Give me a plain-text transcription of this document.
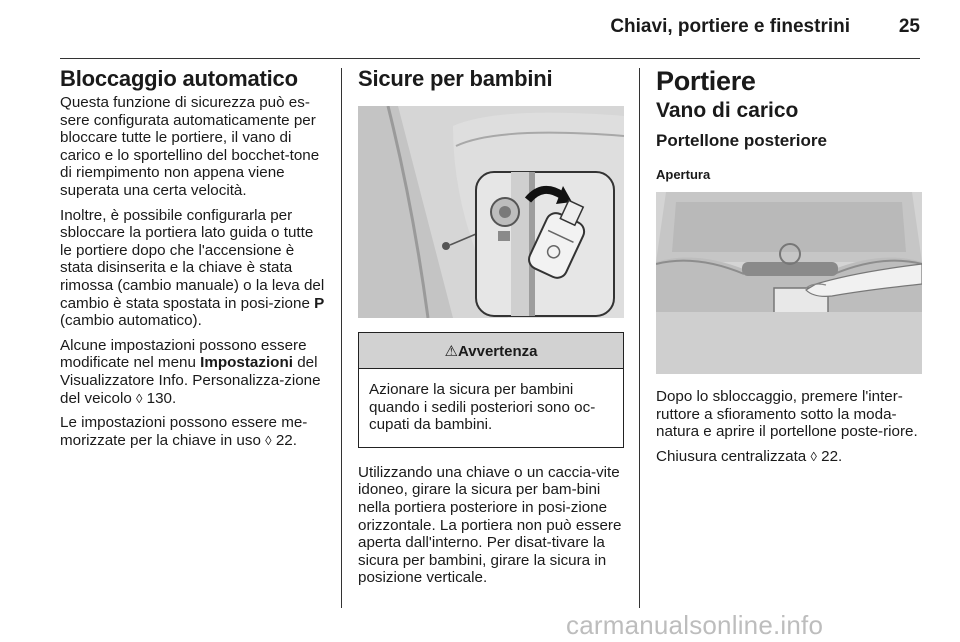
Chiavi, portiere e finestrini	25
Bloccaggio automatico

Questa funzione di sicurezza può es-sere configurata automaticamente per bloccare tutte le portiere, il vano di carico e lo sportellino del bocchet-tone di riempimento non appena viene superata una certa velocità.

Inoltre, è possibile configurarla per sbloccare la portiera lato guida o tutte le portiere dopo che l'accensione è stata disinserita e la chiave è stata rimossa (cambio manuale) o la leva del cambio è stata spostata in posi-zione P (cambio automatico).

Alcune impostazioni possono essere modificate nel menu Impostazioni del Visualizzatore Info. Personalizza-zione del veicolo ◊ 130.

Le impostazioni possono essere me-morizzate per la chiave in uso ◊ 22.

Sicure per bambini
⚠Avvertenza

Azionare la sicura per bambini quando i sedili posteriori sono oc-cupati da bambini.

Utilizzando una chiave o un caccia-vite idoneo, girare la sicura per bam-bini nella portiera posteriore in posi-zione orizzontale. La portiera non può essere aperta dall'interno. Per disat-tivare la sicura per bambini, girare la sicura in posizione verticale.

Portiere
Vano di carico
Portellone posteriore
Apertura

Dopo lo sbloccaggio, premere l'inter-ruttore a sfioramento sotto la moda-natura e aprire il portellone poste-riore.

Chiusura centralizzata ◊ 22.

carmanualsonline.info
